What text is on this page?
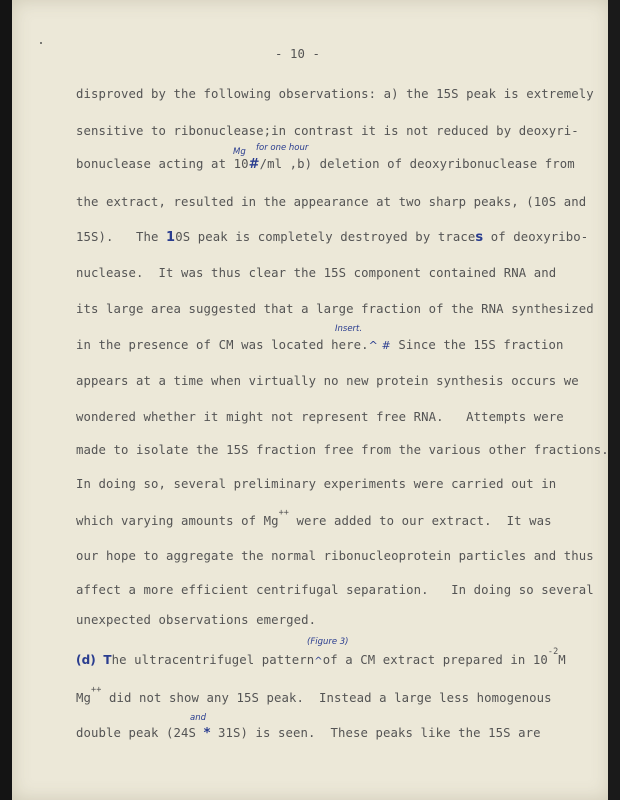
- 10 -
disproved by the following observations: a) the 15S peak is extremely
sensitive to ribonuclease;in contrast it is not reduced by deoxyri-
bonuclease acting at 10#/ml ,b) deletion of deoxyribonuclease from
Mg for one hour
the extract, resulted in the appearance at two sharp peaks, (10S and
15S).   The 10S peak is completely destroyed by traces of deoxyribo-
nuclease.  It was thus clear the 15S component contained RNA and
its large area suggested that a large fraction of the RNA synthesized
in the presence of CM was located here.^ # Since the 15S fraction
Insert.
appears at a time when virtually no new protein synthesis occurs we
wondered whether it might not represent free RNA.   Attempts were
made to isolate the 15S fraction free from the various other fractions.
In doing so, several preliminary experiments were carried out in
which varying amounts of Mg++ were added to our extract.  It was
our hope to aggregate the normal ribonucleoprotein particles and thus
affect a more efficient centrifugal separation.   In doing so several
unexpected observations emerged.
(Figure 3)
(d) The ultracentrifugel pattern^of a CM extract prepared in $10^{-2}M$
Mg++ did not show any 15S peak.  Instead a large less homogenous
and
double peak (24S * 31S) is seen.  These peaks like the 15S are
